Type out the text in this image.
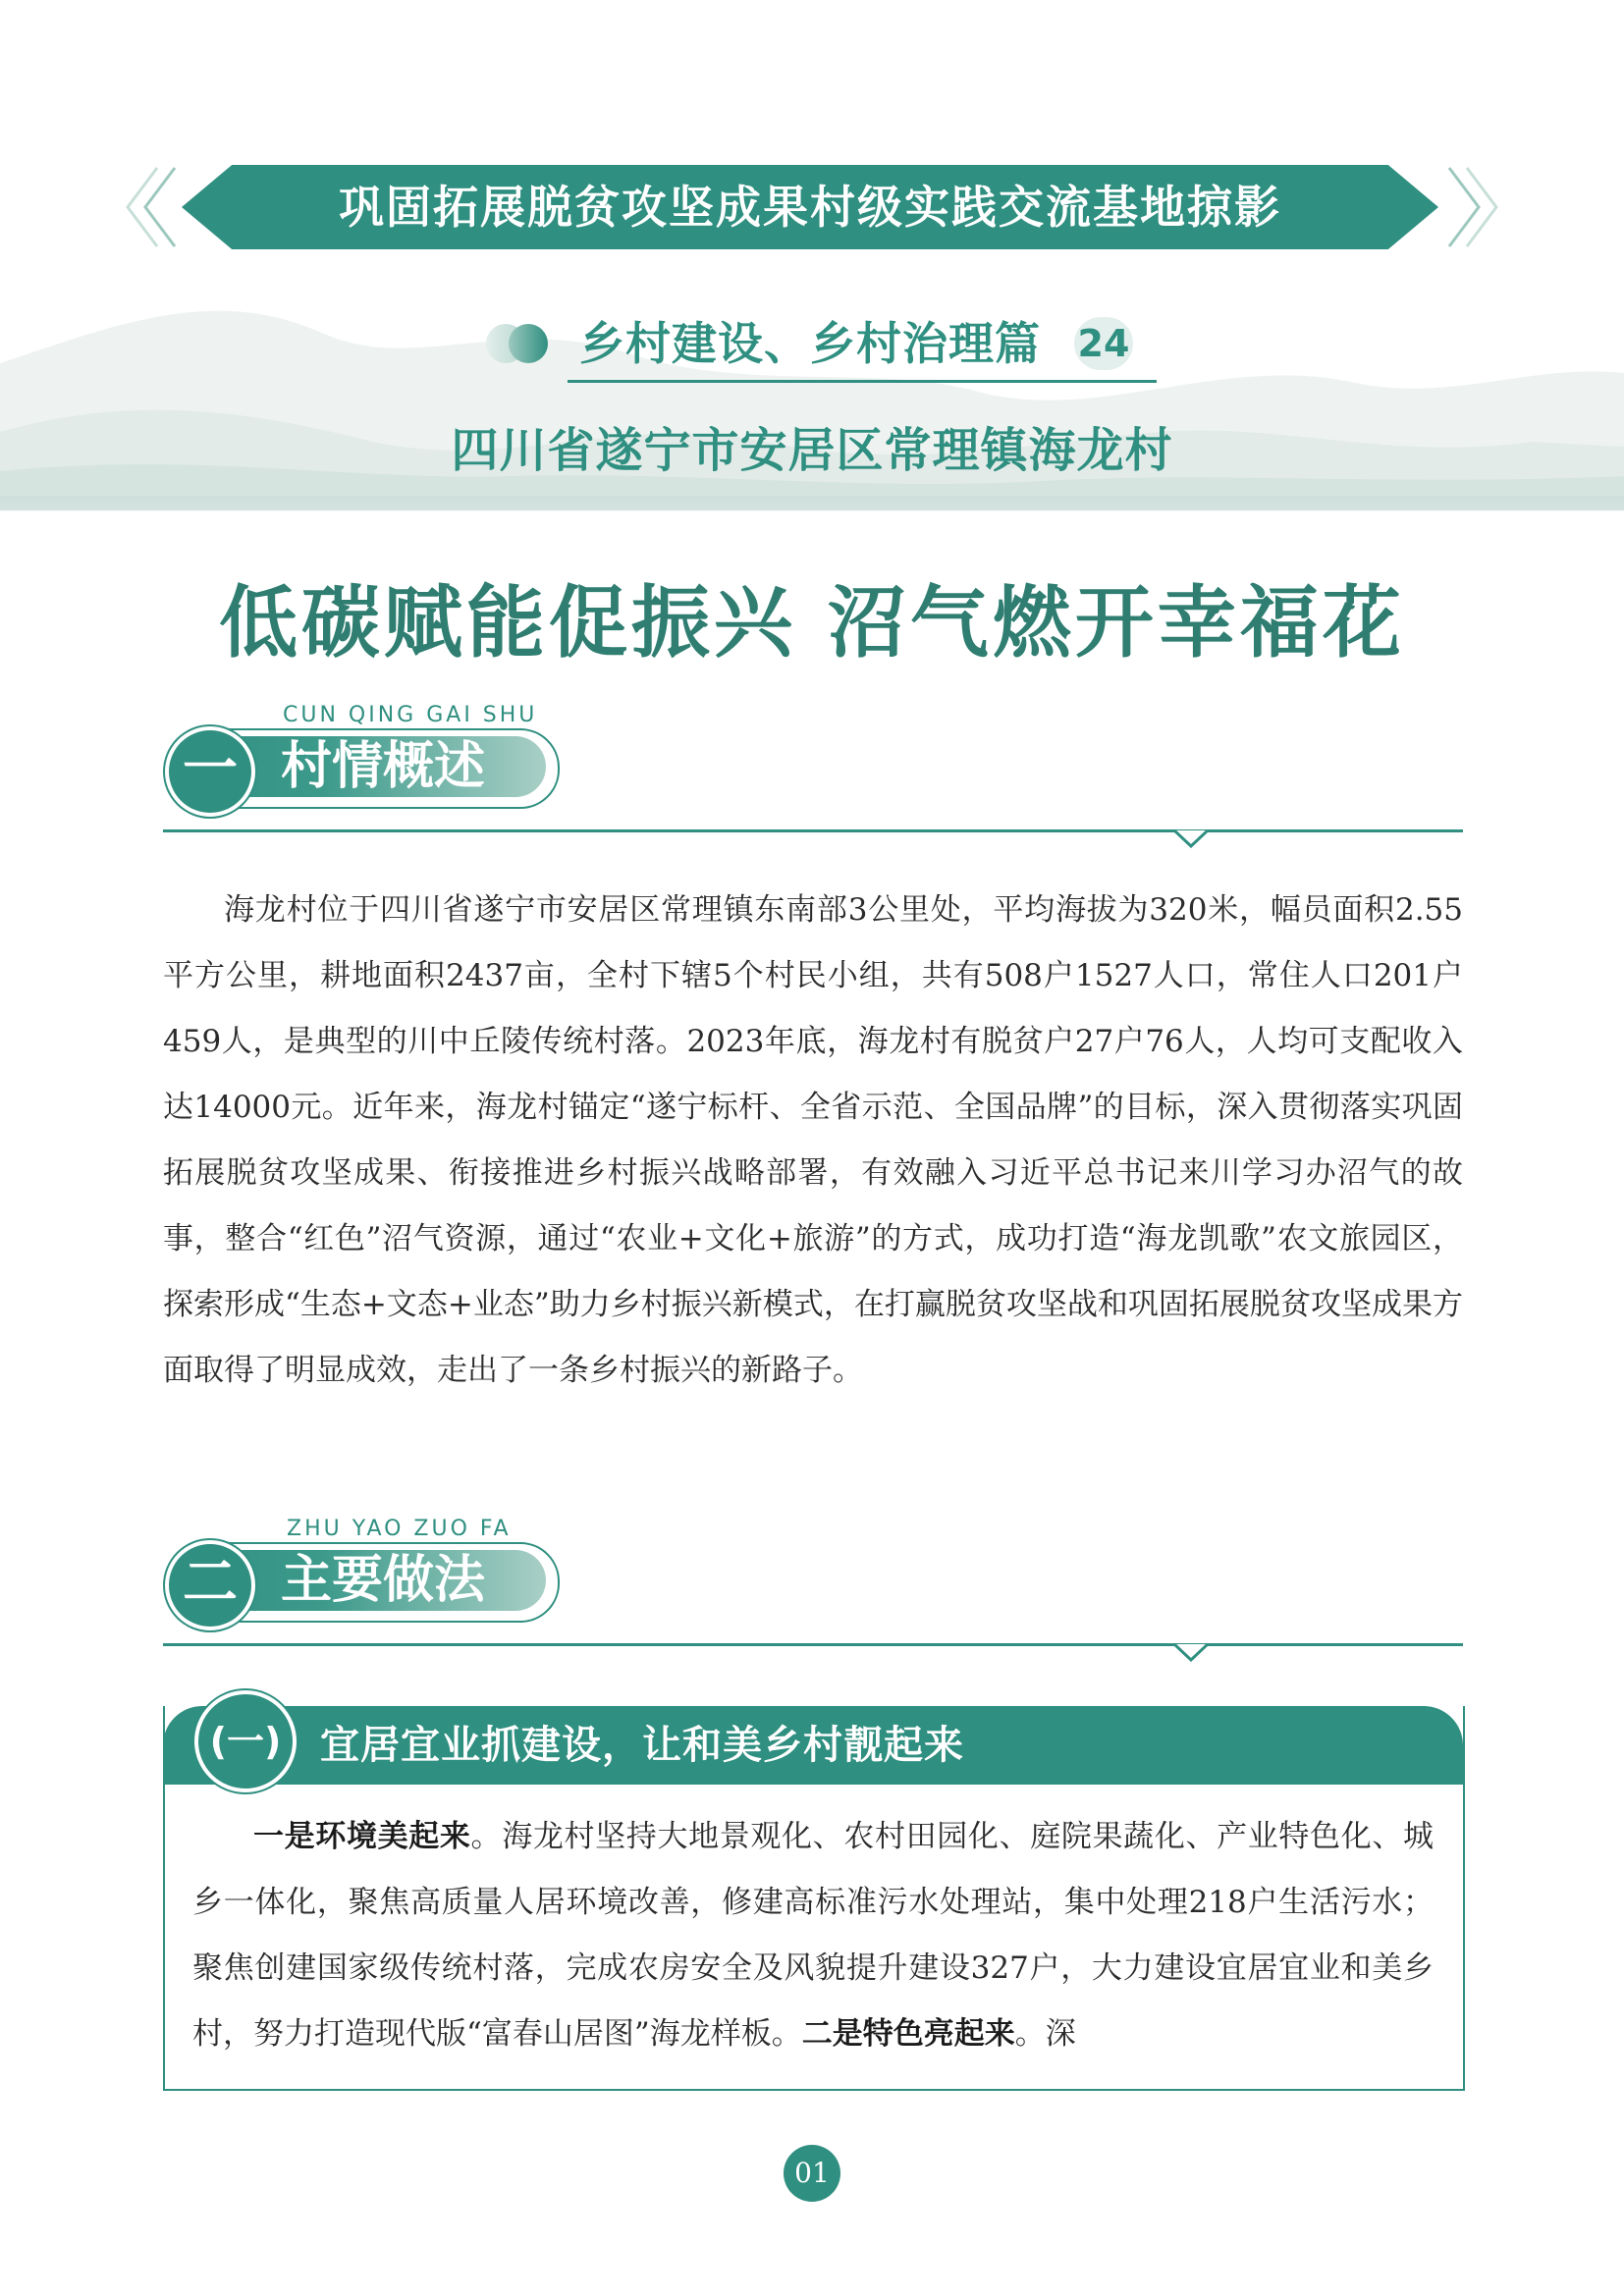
巩固拓展脱贫攻坚成果村级实践交流基地掠影
乡村建设、乡村治理篇 24
四川省遂宁市安居区常理镇海龙村
低碳赋能促振兴 沼气燃开幸福花
CUN QING GAI SHU
一 村情概述

海龙村位于四川省遂宁市安居区常理镇东南部3公里处，平均海拔为320米，幅员面积2.55平方公里，耕地面积2437亩，全村下辖5个村民小组，共有508户1527人口，常住人口201户459人，是典型的川中丘陵传统村落。2023年底，海龙村有脱贫户27户76人，人均可支配收入达14000元。近年来，海龙村锚定“遂宁标杆、全省示范、全国品牌”的目标，深入贯彻落实巩固拓展脱贫攻坚成果、衔接推进乡村振兴战略部署，有效融入习近平总书记来川学习办沼气的故事，整合“红色”沼气资源，通过“农业+文化+旅游”的方式，成功打造“海龙凯歌”农文旅园区，探索形成“生态+文态+业态”助力乡村振兴新模式，在打赢脱贫攻坚战和巩固拓展脱贫攻坚成果方面取得了明显成效，走出了一条乡村振兴的新路子。

ZHU YAO ZUO FA
二 主要做法
(一) 宜居宜业抓建设，让和美乡村靓起来

一是环境美起来。海龙村坚持大地景观化、农村田园化、庭院果蔬化、产业特色化、城乡一体化，聚焦高质量人居环境改善，修建高标准污水处理站，集中处理218户生活污水；聚焦创建国家级传统村落，完成农房安全及风貌提升建设327户，大力建设宜居宜业和美乡村，努力打造现代版“富春山居图”海龙样板。二是特色亮起来。深

01
